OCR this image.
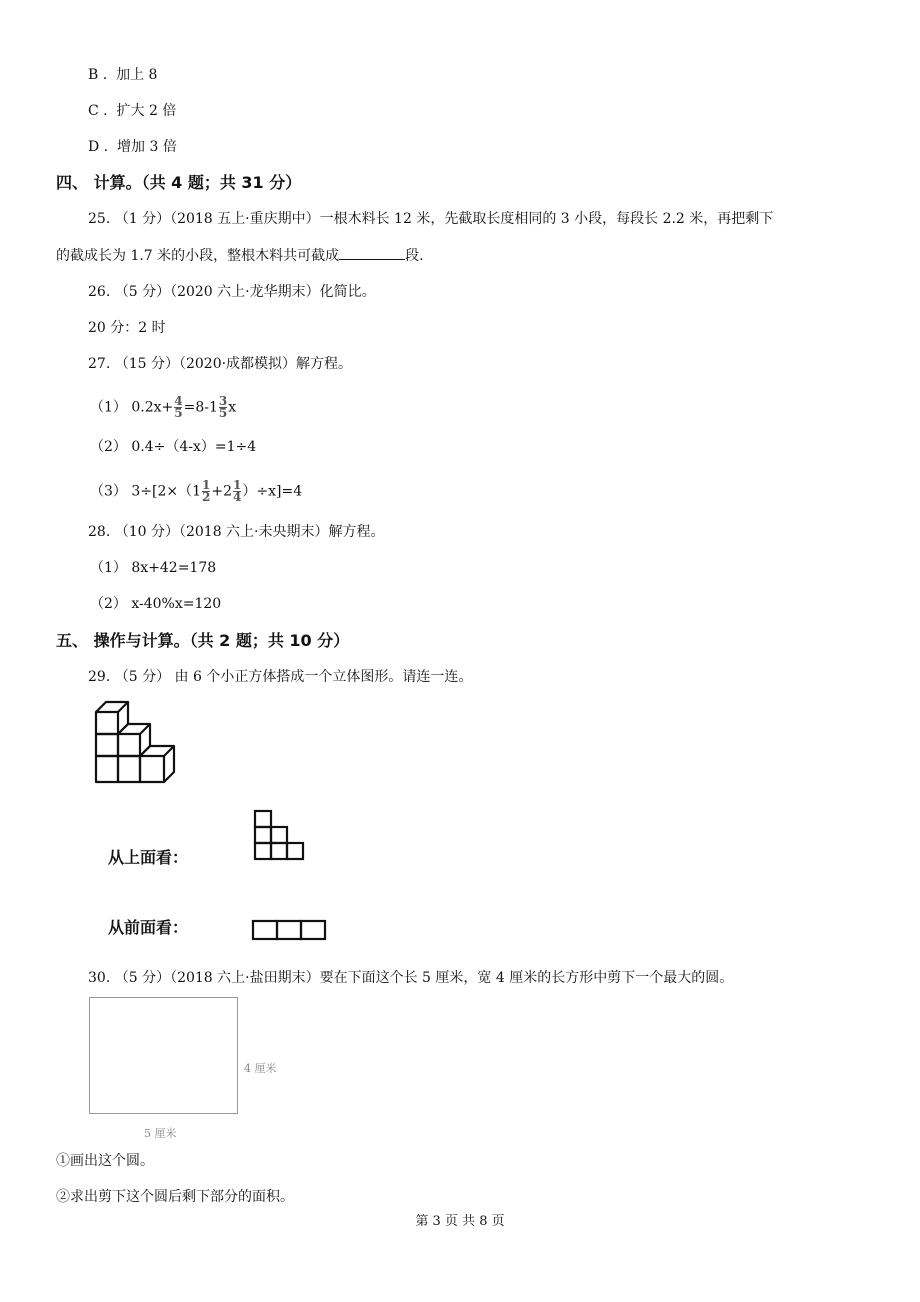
B .  加上 8
C .  扩大 2 倍
D .  增加 3 倍
四、 计算。（共 4 题；共 31 分）
25. （1 分）（2018 五上·重庆期中）一根木料长 12 米，先截取长度相同的 3 小段，每段长 2.2 米，再把剩下
的截成长为 1.7 米的小段，整根木料共可截成	段.
26. （5 分）（2020 六上·龙华期末）化简比。
20 分：2 时
27. （15 分）（2020·成都模拟）解方程。
（1） $0.2x+ \frac{4}{5} =8-1 \frac{3}{5}$ x
（2） 0.4÷（4-x）=1÷4
（3） $3\div[2\times(1 \frac{1}{2} +2 \frac{1}{4} )\div x]=4$
28. （10 分）（2018 六上·未央期末）解方程。
（1） 8x+42=178
（2） x-40%x=120
五、 操作与计算。（共 2 题；共 10 分）
29. （5 分） 由 6 个小正方体搭成一个立体图形。请连一连。
从上面看：
从前面看：
30. （5 分）（2018 六上·盐田期末）要在下面这个长 5 厘米，宽 4 厘米的长方形中剪下一个最大的圆。
4 厘米
5 厘米
①画出这个圆。
②求出剪下这个圆后剩下部分的面积。
第 3 页 共 8 页
